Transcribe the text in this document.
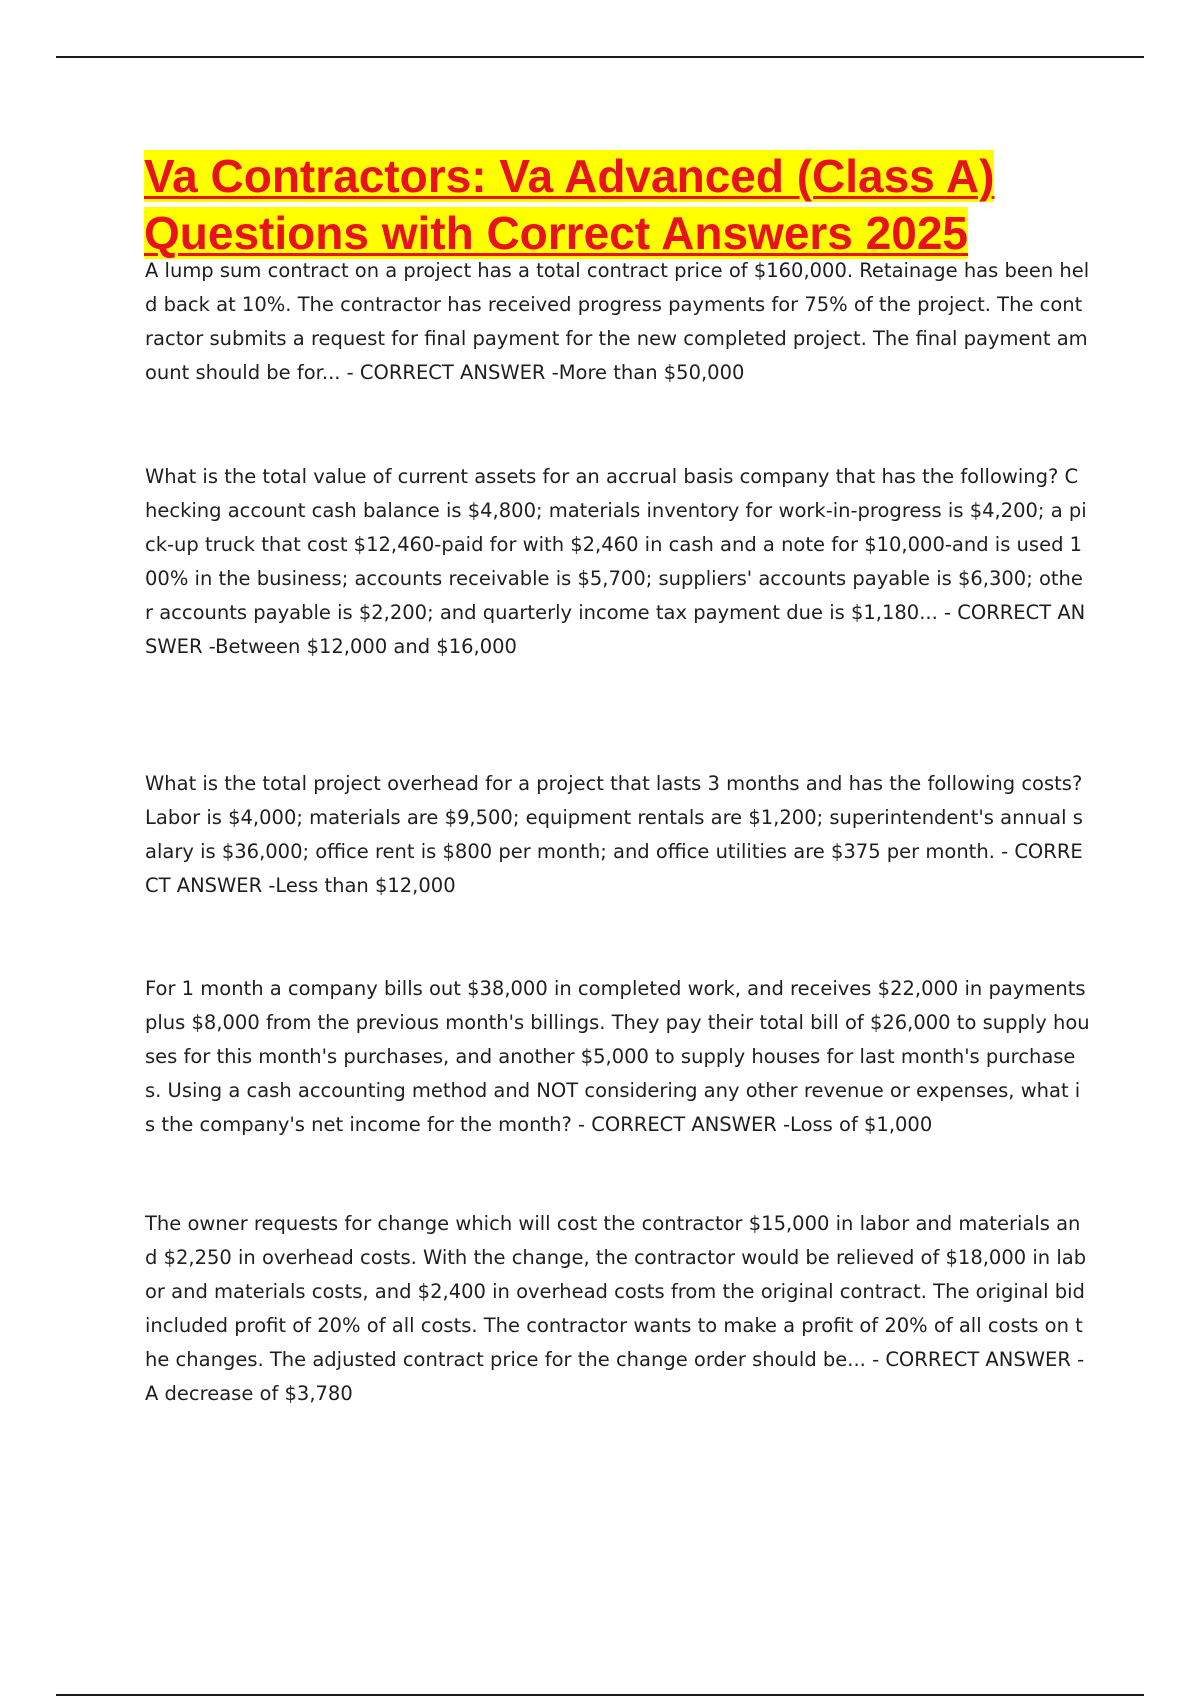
Va Contractors: Va Advanced (Class A) Questions with Correct Answers 2025

A lump sum contract on a project has a total contract price of $160,000. Retainage has been held back at 10%. The contractor has received progress payments for 75% of the project. The contractor submits a request for final payment for the new completed project. The final payment amount should be for... - CORRECT ANSWER -More than $50,000

What is the total value of current assets for an accrual basis company that has the following? Checking account cash balance is $4,800; materials inventory for work-in-progress is $4,200; a pick-up truck that cost $12,460-paid for with $2,460 in cash and a note for $10,000-and is used 100% in the business; accounts receivable is $5,700; suppliers' accounts payable is $6,300; other accounts payable is $2,200; and quarterly income tax payment due is $1,180... - CORRECT ANSWER -Between $12,000 and $16,000

What is the total project overhead for a project that lasts 3 months and has the following costs? Labor is $4,000; materials are $9,500; equipment rentals are $1,200; superintendent's annual salary is $36,000; office rent is $800 per month; and office utilities are $375 per month. - CORRECT ANSWER -Less than $12,000

For 1 month a company bills out $38,000 in completed work, and receives $22,000 in payments plus $8,000 from the previous month's billings. They pay their total bill of $26,000 to supply houses for this month's purchases, and another $5,000 to supply houses for last month's purchases. Using a cash accounting method and NOT considering any other revenue or expenses, what is the company's net income for the month? - CORRECT ANSWER -Loss of $1,000

The owner requests for change which will cost the contractor $15,000 in labor and materials and $2,250 in overhead costs. With the change, the contractor would be relieved of $18,000 in labor and materials costs, and $2,400 in overhead costs from the original contract. The original bid included profit of 20% of all costs. The contractor wants to make a profit of 20% of all costs on the changes. The adjusted contract price for the change order should be... - CORRECT ANSWER -A decrease of $3,780
